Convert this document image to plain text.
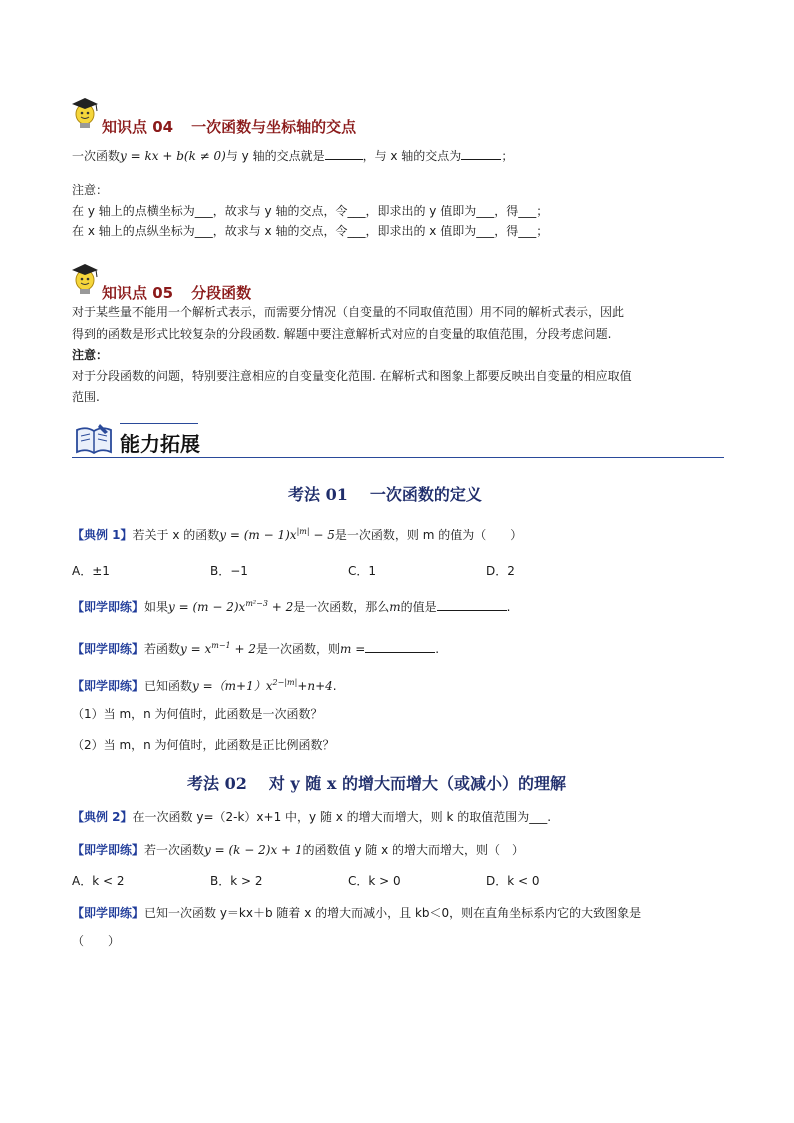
知识点 04 一次函数与坐标轴的交点
一次函数y = kx + b(k ≠ 0)与 y 轴的交点就是	，与 x 轴的交点为	；
注意：
在 y 轴上的点横坐标为___，故求与 y 轴的交点，令___，即求出的 y 值即为___，得___；
在 x 轴上的点纵坐标为___，故求与 x 轴的交点，令___，即求出的 x 值即为___，得___；
知识点 05 分段函数
对于某些量不能用一个解析式表示，而需要分情况（自变量的不同取值范围）用不同的解析式表示，因此
得到的函数是形式比较复杂的分段函数. 解题中要注意解析式对应的自变量的取值范围，分段考虑问题.
注意：
对于分段函数的问题，特别要注意相应的自变量变化范围. 在解析式和图象上都要反映出自变量的相应取值
范围.
能力拓展
考法 01 一次函数的定义
【典例 1】若关于 x 的函数$y = (m - 1)x^{|m|} - 5$是一次函数，则 m 的值为（　　）
A．±1	B．−1	C．1	D．2
【即学即练】如果$y = (m - 2)x^{m^2-3} + 2$是一次函数，那么m的值是	.
【即学即练】若函数$y = x^{m-1} + 2$是一次函数，则m =	.
【即学即练】已知函数$y =(m+1)x^{2-|m|}+n+4$.
（1）当 m，n 为何值时，此函数是一次函数？
（2）当 m，n 为何值时，此函数是正比例函数？
考法 02 对 y 随 x 的增大而增大（或减小）的理解
【典例 2】在一次函数 y=（2-k）x+1 中，y 随 x 的增大而增大，则 k 的取值范围为___.
【即学即练】若一次函数y = (k − 2)x + 1的函数值 y 随 x 的增大而增大，则（　）
A．k < 2	B．k > 2	C．k > 0	D．k < 0
【即学即练】已知一次函数 y＝kx＋b 随着 x 的增大而减小，且 kb＜0，则在直角坐标系内它的大致图象是
（　　）
